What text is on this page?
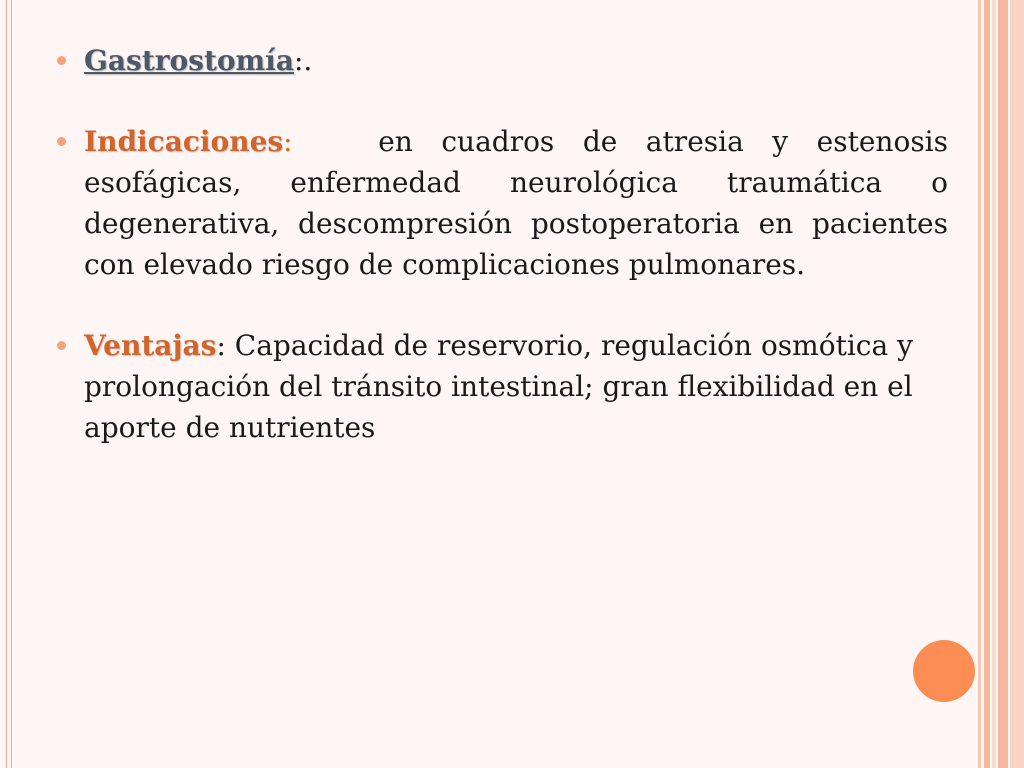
Gastrostomía:.

Indicaciones:	en cuadros de atresia y estenosis esofágicas, enfermedad neurológica traumática o degenerativa, descompresión postoperatoria en pacientes con elevado riesgo de complicaciones pulmonares.

Ventajas: Capacidad de reservorio, regulación osmótica y prolongación del tránsito intestinal; gran flexibilidad en el aporte de nutrientes
